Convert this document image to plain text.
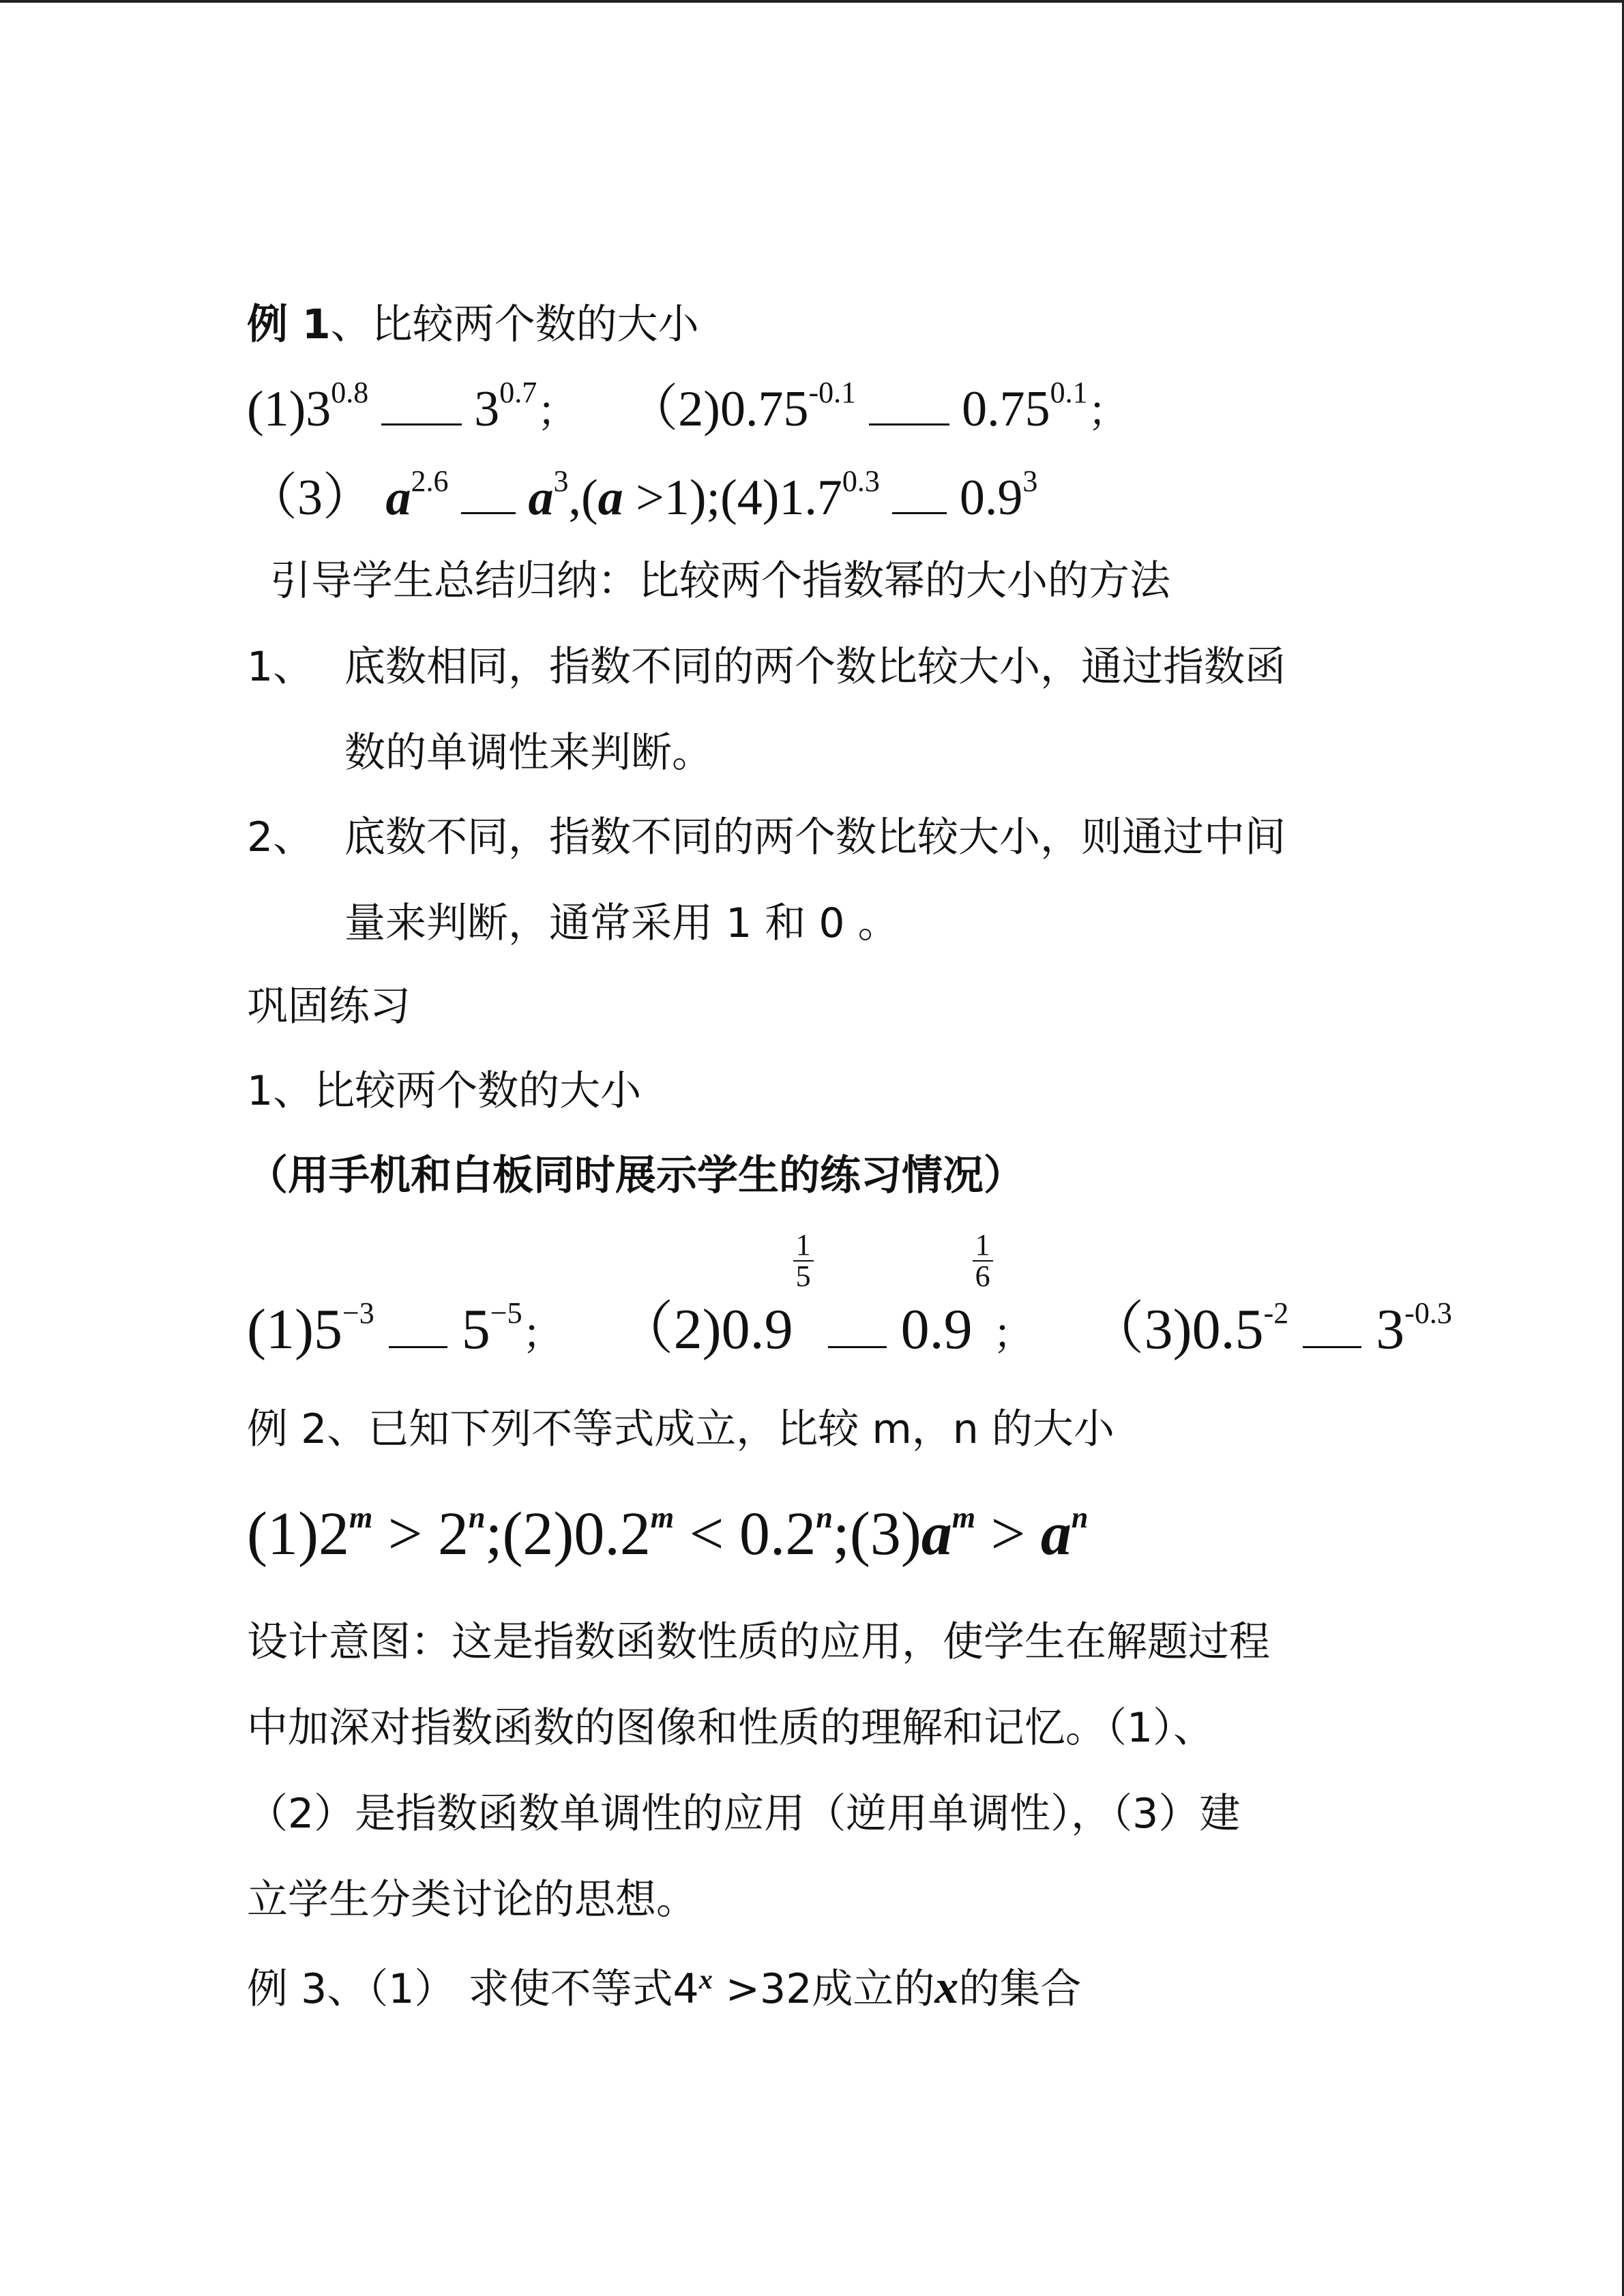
例 1、比较两个数的大小
$(1)3^{0.8}$ $3^{0.7}$； $(2)0.75^{-0.1}$ $0.75^{0.1}$；
（3） $a^{2.6}$ $a^3,(a$ $>1);(4)1.7^{0.3}$ $0.9^3$
引导学生总结归纳：比较两个指数幂的大小的方法
1、 底数相同，指数不同的两个数比较大小，通过指数函
数的单调性来判断。
2、 底数不同，指数不同的两个数比较大小，则通过中间
量来判断，通常采用 1 和 0 。
巩固练习
1、比较两个数的大小
（用手机和白板同时展示学生的练习情况）
$(1)5^{-3}$ $5^{-5}$； （2)0.9
$\frac{1}{5}$
0.9
$\frac{1}{6}$
； $(3)0.5^{-2}$ $3^{-0.3}$
例 2、已知下列不等式成立，比较 m，n 的大小
$(1)2^m$ > $2^n;(2)0.2^m$ < $0.2^n;(3)a^m > a^n$
设计意图：这是指数函数性质的应用，使学生在解题过程
中加深对指数函数的图像和性质的理解和记忆。（1）、
（2）是指数函数单调性的应用（逆用单调性），（3）建
立学生分类讨论的思想。
例 3、（1） 求使不等式$4^x >32$成立的x的集合
